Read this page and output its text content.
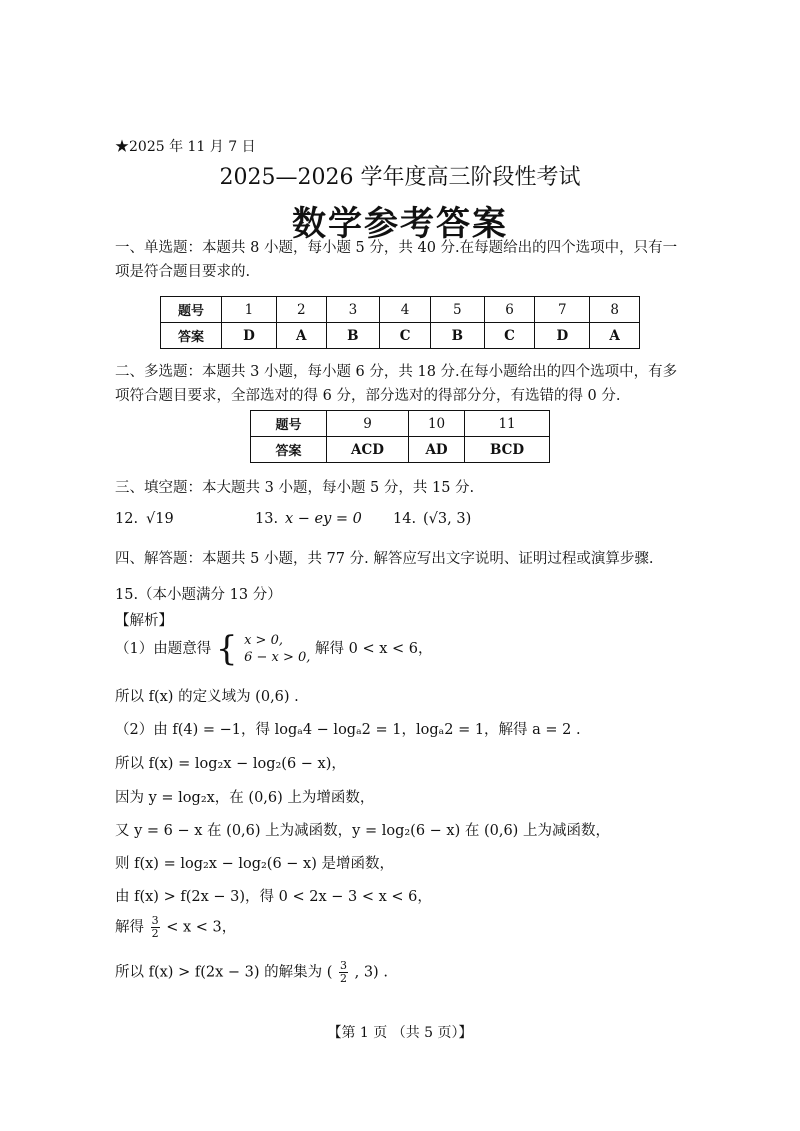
★2025 年 11 月 7 日
2025—2026 学年度高三阶段性考试
数学参考答案
一、单选题：本题共 8 小题，每小题 5 分，共 40 分.在每题给出的四个选项中，只有一项是符合题目要求的.
题号	1	2	3	4	5	6	7	8
答案	D	A	B	C	B	C	D	A
二、多选题：本题共 3 小题，每小题 6 分，共 18 分.在每小题给出的四个选项中，有多项符合题目要求，全部选对的得 6 分，部分选对的得部分分，有选错的得 0 分.
题号	9	10	11
答案	ACD	AD	BCD
三、填空题：本大题共 3 小题，每小题 5 分，共 15 分.
12. √19	13. x − ey = 0 14. (√3, 3)
四、解答题：本题共 5 小题，共 77 分. 解答应写出文字说明、证明过程或演算步骤.
15.（本小题满分 13 分）
【解析】
（1）由题意得 { x > 0,
6 − x > 0,
解得 0 < x < 6，
所以 f(x) 的定义域为 (0,6) .
（2）由 f(4) = −1，得 logₐ4 − logₐ2 = 1，logₐ2 = 1，解得 a = 2 .
所以 f(x) = log₂x − log₂(6 − x)，
因为 y = log₂x，在 (0,6) 上为增函数，
又 y = 6 − x 在 (0,6) 上为减函数，y = log₂(6 − x) 在 (0,6) 上为减函数，
则 f(x) = log₂x − log₂(6 − x) 是增函数，
由 f(x) > f(2x − 3)，得 0 < 2x − 3 < x < 6，
解得 $\frac{3}{2} < x < 3$，
所以 f(x) > f(2x − 3) 的解集为 ( $\frac{3}{2}$ , 3) .
【第 1 页 （共 5 页）】
